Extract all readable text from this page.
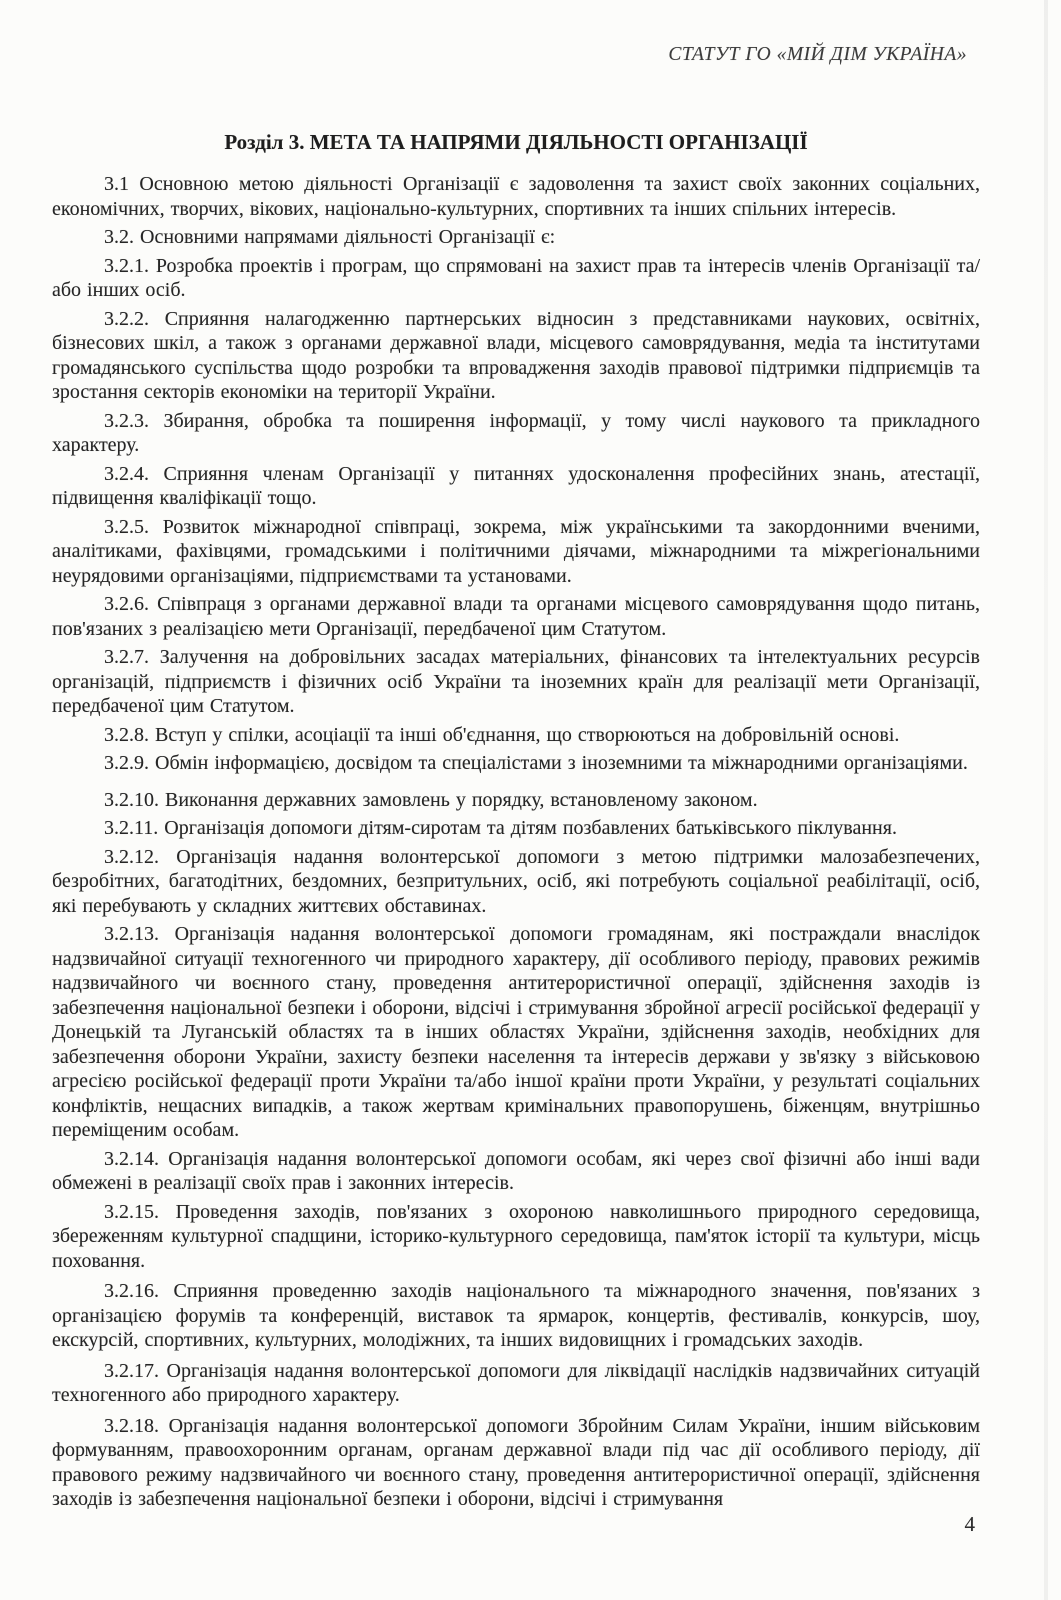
СТАТУТ ГО «МІЙ ДІМ УКРАЇНА»
Розділ 3. МЕТА ТА НАПРЯМИ ДІЯЛЬНОСТІ ОРГАНІЗАЦІЇ

3.1 Основною метою діяльності Організації є задоволення та захист своїх законних соціальних, економічних, творчих, вікових, національно-культурних, спортивних та інших спільних інтересів.

3.2. Основними напрямами діяльності Організації є:

3.2.1. Розробка проектів і програм, що спрямовані на захист прав та інтересів членів Організації та/або інших осіб.

3.2.2. Сприяння налагодженню партнерських відносин з представниками наукових, освітніх, бізнесових шкіл, а також з органами державної влади, місцевого самоврядування, медіа та інститутами громадянського суспільства щодо розробки та впровадження заходів правової підтримки підприємців та зростання секторів економіки на території України.

3.2.3. Збирання, обробка та поширення інформації, у тому числі наукового та прикладного характеру.

3.2.4. Сприяння членам Організації у питаннях удосконалення професійних знань, атестації, підвищення кваліфікації тощо.

3.2.5. Розвиток міжнародної співпраці, зокрема, між українськими та закордонними вченими, аналітиками, фахівцями, громадськими і політичними діячами, міжнародними та міжрегіональними неурядовими організаціями, підприємствами та установами.

3.2.6. Співпраця з органами державної влади та органами місцевого самоврядування щодо питань, пов'язаних з реалізацією мети Організації, передбаченої цим Статутом.

3.2.7. Залучення на добровільних засадах матеріальних, фінансових та інтелектуальних ресурсів організацій, підприємств і фізичних осіб України та іноземних країн для реалізації мети Організації, передбаченої цим Статутом.

3.2.8. Вступ у спілки, асоціації та інші об'єднання, що створюються на добровільній основі.

3.2.9. Обмін інформацією, досвідом та спеціалістами з іноземними та міжнародними організаціями.

3.2.10. Виконання державних замовлень у порядку, встановленому законом.

3.2.11. Організація допомоги дітям-сиротам та дітям позбавлених батьківського піклування.

3.2.12. Організація надання волонтерської допомоги з метою підтримки малозабезпечених, безробітних, багатодітних, бездомних, безпритульних, осіб, які потребують соціальної реабілітації, осіб, які перебувають у складних життєвих обставинах.

3.2.13. Організація надання волонтерської допомоги громадянам, які постраждали внаслідок надзвичайної ситуації техногенного чи природного характеру, дії особливого періоду, правових режимів надзвичайного чи воєнного стану, проведення антитерористичної операції, здійснення заходів із забезпечення національної безпеки і оборони, відсічі і стримування збройної агресії російської федерації у Донецькій та Луганській областях та в інших областях України, здійснення заходів, необхідних для забезпечення оборони України, захисту безпеки населення та інтересів держави у зв'язку з військовою агресією російської федерації проти України та/або іншої країни проти України, у результаті соціальних конфліктів, нещасних випадків, а також жертвам кримінальних правопорушень, біженцям, внутрішньо переміщеним особам.

3.2.14. Організація надання волонтерської допомоги особам, які через свої фізичні або інші вади обмежені в реалізації своїх прав і законних інтересів.

3.2.15. Проведення заходів, пов'язаних з охороною навколишнього природного середовища, збереженням культурної спадщини, історико-культурного середовища, пам'яток історії та культури, місць поховання.

3.2.16. Сприяння проведенню заходів національного та міжнародного значення, пов'язаних з організацією форумів та конференцій, виставок та ярмарок, концертів, фестивалів, конкурсів, шоу, екскурсій, спортивних, культурних, молодіжних, та інших видовищних і громадських заходів.

3.2.17. Організація надання волонтерської допомоги для ліквідації наслідків надзвичайних ситуацій техногенного або природного характеру.

3.2.18. Організація надання волонтерської допомоги Збройним Силам України, іншим військовим формуванням, правоохоронним органам, органам державної влади під час дії особливого періоду, дії правового режиму надзвичайного чи воєнного стану, проведення антитерористичної операції, здійснення заходів із забезпечення національної безпеки і оборони, відсічі і стримування

4
